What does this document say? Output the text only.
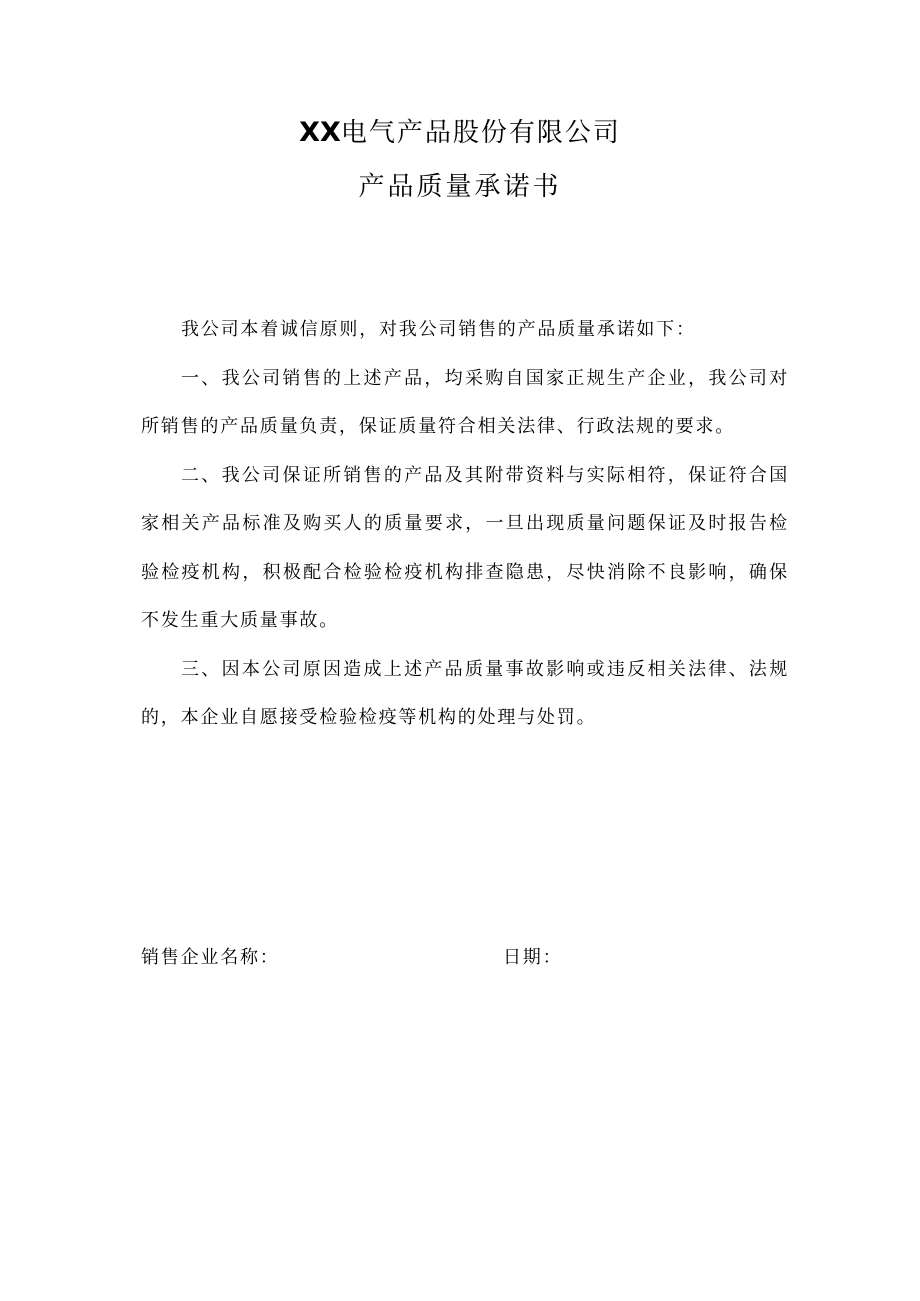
XX电气产品股份有限公司
产品质量承诺书

我公司本着诚信原则，对我公司销售的产品质量承诺如下：

一、我公司销售的上述产品，均采购自国家正规生产企业，我公司对所销售的产品质量负责，保证质量符合相关法律、行政法规的要求。

二、我公司保证所销售的产品及其附带资料与实际相符，保证符合国家相关产品标准及购买人的质量要求，一旦出现质量问题保证及时报告检验检疫机构，积极配合检验检疫机构排查隐患，尽快消除不良影响，确保不发生重大质量事故。

三、因本公司原因造成上述产品质量事故影响或违反相关法律、法规的，本企业自愿接受检验检疫等机构的处理与处罚。

销售企业名称：	日期：
